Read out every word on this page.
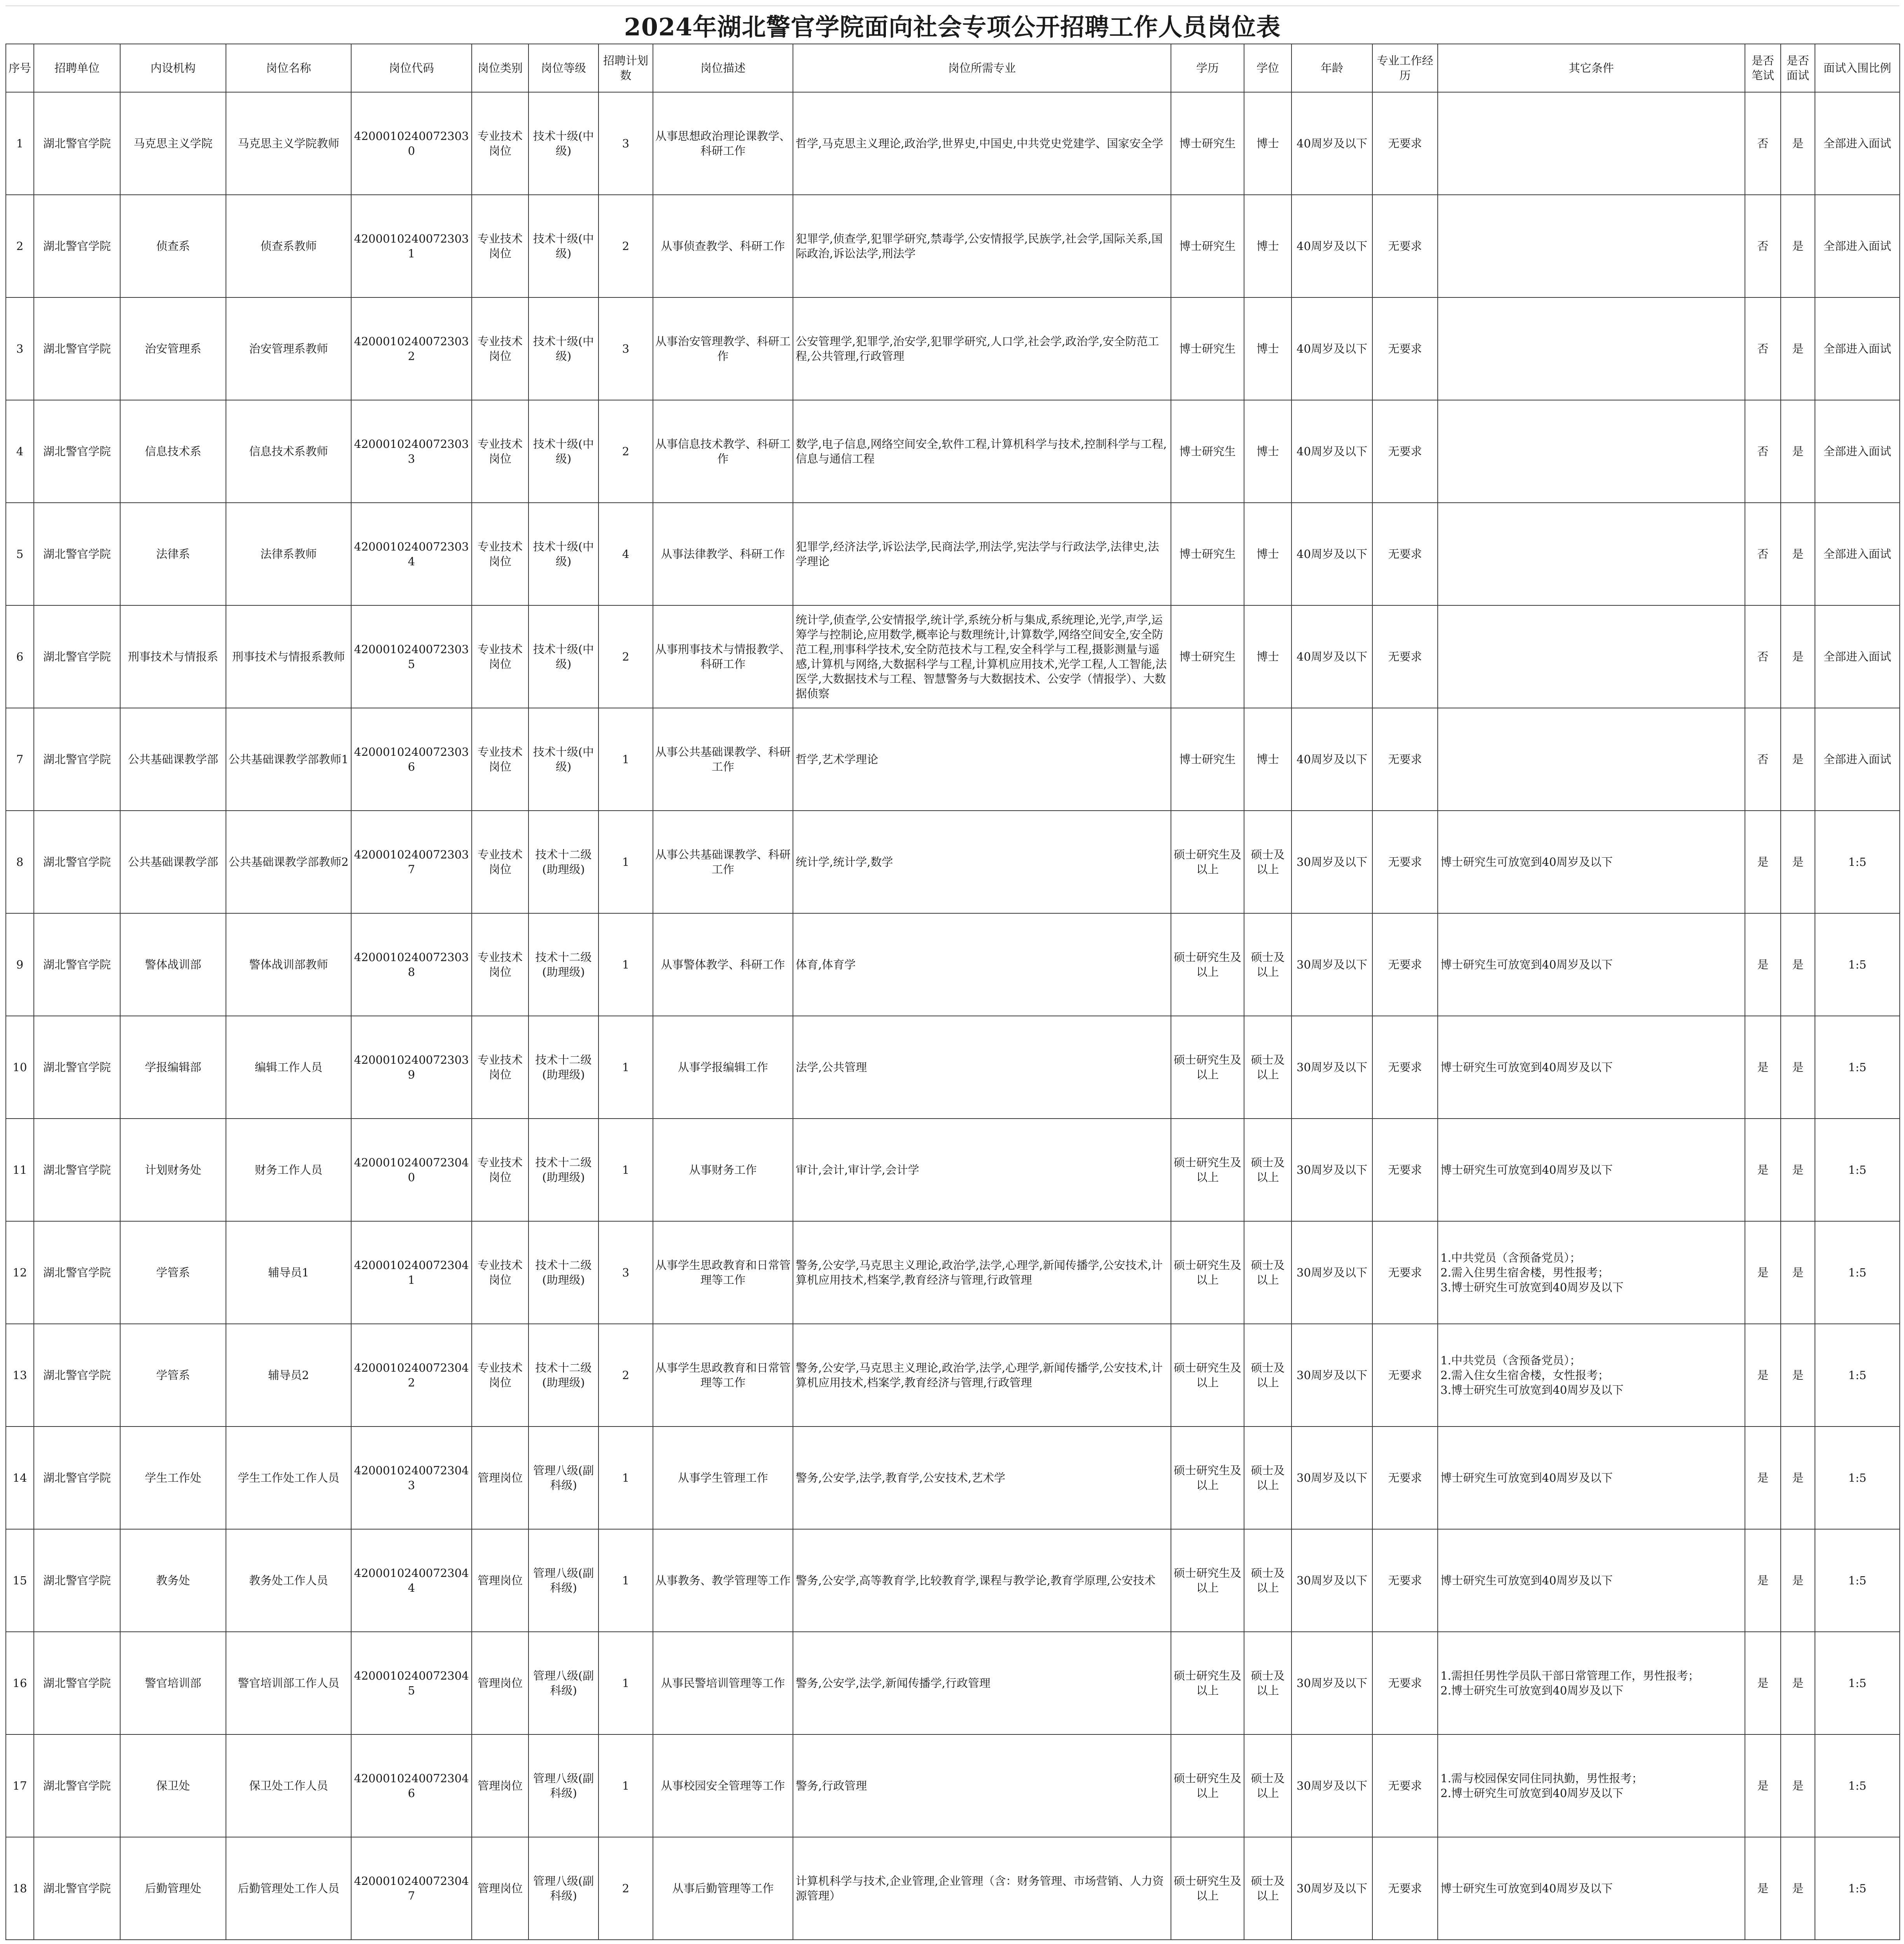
2024年湖北警官学院面向社会专项公开招聘工作人员岗位表
序号	招聘单位	内设机构	岗位名称	岗位代码	岗位类别	岗位等级	招聘计划数	岗位描述	岗位所需专业	学历	学位	年龄	专业工作经历	其它条件	是否笔试	是否面试	面试入围比例
1	湖北警官学院	马克思主义学院	马克思主义学院教师	42000102400723030	专业技术岗位	技术十级(中级)	3	从事思想政治理论课教学、科研工作	哲学,马克思主义理论,政治学,世界史,中国史,中共党史党建学、国家安全学	博士研究生	博士	40周岁及以下	无要求		否	是	全部进入面试
2	湖北警官学院	侦查系	侦查系教师	42000102400723031	专业技术岗位	技术十级(中级)	2	从事侦查教学、科研工作	犯罪学,侦查学,犯罪学研究,禁毒学,公安情报学,民族学,社会学,国际关系,国际政治,诉讼法学,刑法学	博士研究生	博士	40周岁及以下	无要求		否	是	全部进入面试
3	湖北警官学院	治安管理系	治安管理系教师	42000102400723032	专业技术岗位	技术十级(中级)	3	从事治安管理教学、科研工作	公安管理学,犯罪学,治安学,犯罪学研究,人口学,社会学,政治学,安全防范工程,公共管理,行政管理	博士研究生	博士	40周岁及以下	无要求		否	是	全部进入面试
4	湖北警官学院	信息技术系	信息技术系教师	42000102400723033	专业技术岗位	技术十级(中级)	2	从事信息技术教学、科研工作	数学,电子信息,网络空间安全,软件工程,计算机科学与技术,控制科学与工程,信息与通信工程	博士研究生	博士	40周岁及以下	无要求		否	是	全部进入面试
5	湖北警官学院	法律系	法律系教师	42000102400723034	专业技术岗位	技术十级(中级)	4	从事法律教学、科研工作	犯罪学,经济法学,诉讼法学,民商法学,刑法学,宪法学与行政法学,法律史,法学理论	博士研究生	博士	40周岁及以下	无要求		否	是	全部进入面试
6	湖北警官学院	刑事技术与情报系	刑事技术与情报系教师	42000102400723035	专业技术岗位	技术十级(中级)	2	从事刑事技术与情报教学、科研工作	统计学,侦查学,公安情报学,统计学,系统分析与集成,系统理论,光学,声学,运筹学与控制论,应用数学,概率论与数理统计,计算数学,网络空间安全,安全防范工程,刑事科学技术,安全防范技术与工程,安全科学与工程,摄影测量与遥感,计算机与网络,大数据科学与工程,计算机应用技术,光学工程,人工智能,法医学,大数据技术与工程、智慧警务与大数据技术、公安学（情报学）、大数据侦察	博士研究生	博士	40周岁及以下	无要求		否	是	全部进入面试
7	湖北警官学院	公共基础课教学部	公共基础课教学部教师1	42000102400723036	专业技术岗位	技术十级(中级)	1	从事公共基础课教学、科研工作	哲学,艺术学理论	博士研究生	博士	40周岁及以下	无要求		否	是	全部进入面试
8	湖北警官学院	公共基础课教学部	公共基础课教学部教师2	42000102400723037	专业技术岗位	技术十二级(助理级)	1	从事公共基础课教学、科研工作	统计学,统计学,数学	硕士研究生及以上	硕士及以上	30周岁及以下	无要求	博士研究生可放宽到40周岁及以下	是	是	1:5
9	湖北警官学院	警体战训部	警体战训部教师	42000102400723038	专业技术岗位	技术十二级(助理级)	1	从事警体教学、科研工作	体育,体育学	硕士研究生及以上	硕士及以上	30周岁及以下	无要求	博士研究生可放宽到40周岁及以下	是	是	1:5
10	湖北警官学院	学报编辑部	编辑工作人员	42000102400723039	专业技术岗位	技术十二级(助理级)	1	从事学报编辑工作	法学,公共管理	硕士研究生及以上	硕士及以上	30周岁及以下	无要求	博士研究生可放宽到40周岁及以下	是	是	1:5
11	湖北警官学院	计划财务处	财务工作人员	42000102400723040	专业技术岗位	技术十二级(助理级)	1	从事财务工作	审计,会计,审计学,会计学	硕士研究生及以上	硕士及以上	30周岁及以下	无要求	博士研究生可放宽到40周岁及以下	是	是	1:5
12	湖北警官学院	学管系	辅导员1	42000102400723041	专业技术岗位	技术十二级(助理级)	3	从事学生思政教育和日常管理等工作	警务,公安学,马克思主义理论,政治学,法学,心理学,新闻传播学,公安技术,计算机应用技术,档案学,教育经济与管理,行政管理	硕士研究生及以上	硕士及以上	30周岁及以下	无要求	1.中共党员（含预备党员）；
2.需入住男生宿舍楼，男性报考；
3.博士研究生可放宽到40周岁及以下	是	是	1:5
13	湖北警官学院	学管系	辅导员2	42000102400723042	专业技术岗位	技术十二级(助理级)	2	从事学生思政教育和日常管理等工作	警务,公安学,马克思主义理论,政治学,法学,心理学,新闻传播学,公安技术,计算机应用技术,档案学,教育经济与管理,行政管理	硕士研究生及以上	硕士及以上	30周岁及以下	无要求	1.中共党员（含预备党员）；
2.需入住女生宿舍楼，女性报考；
3.博士研究生可放宽到40周岁及以下	是	是	1:5
14	湖北警官学院	学生工作处	学生工作处工作人员	42000102400723043	管理岗位	管理八级(副科级)	1	从事学生管理工作	警务,公安学,法学,教育学,公安技术,艺术学	硕士研究生及以上	硕士及以上	30周岁及以下	无要求	博士研究生可放宽到40周岁及以下	是	是	1:5
15	湖北警官学院	教务处	教务处工作人员	42000102400723044	管理岗位	管理八级(副科级)	1	从事教务、教学管理等工作	警务,公安学,高等教育学,比较教育学,课程与教学论,教育学原理,公安技术	硕士研究生及以上	硕士及以上	30周岁及以下	无要求	博士研究生可放宽到40周岁及以下	是	是	1:5
16	湖北警官学院	警官培训部	警官培训部工作人员	42000102400723045	管理岗位	管理八级(副科级)	1	从事民警培训管理等工作	警务,公安学,法学,新闻传播学,行政管理	硕士研究生及以上	硕士及以上	30周岁及以下	无要求	1.需担任男性学员队干部日常管理工作，男性报考；
2.博士研究生可放宽到40周岁及以下	是	是	1:5
17	湖北警官学院	保卫处	保卫处工作人员	42000102400723046	管理岗位	管理八级(副科级)	1	从事校园安全管理等工作	警务,行政管理	硕士研究生及以上	硕士及以上	30周岁及以下	无要求	1.需与校园保安同住同执勤，男性报考；
2.博士研究生可放宽到40周岁及以下	是	是	1:5
18	湖北警官学院	后勤管理处	后勤管理处工作人员	42000102400723047	管理岗位	管理八级(副科级)	2	从事后勤管理等工作	计算机科学与技术,企业管理,企业管理（含：财务管理、市场营销、人力资源管理）	硕士研究生及以上	硕士及以上	30周岁及以下	无要求	博士研究生可放宽到40周岁及以下	是	是	1:5
